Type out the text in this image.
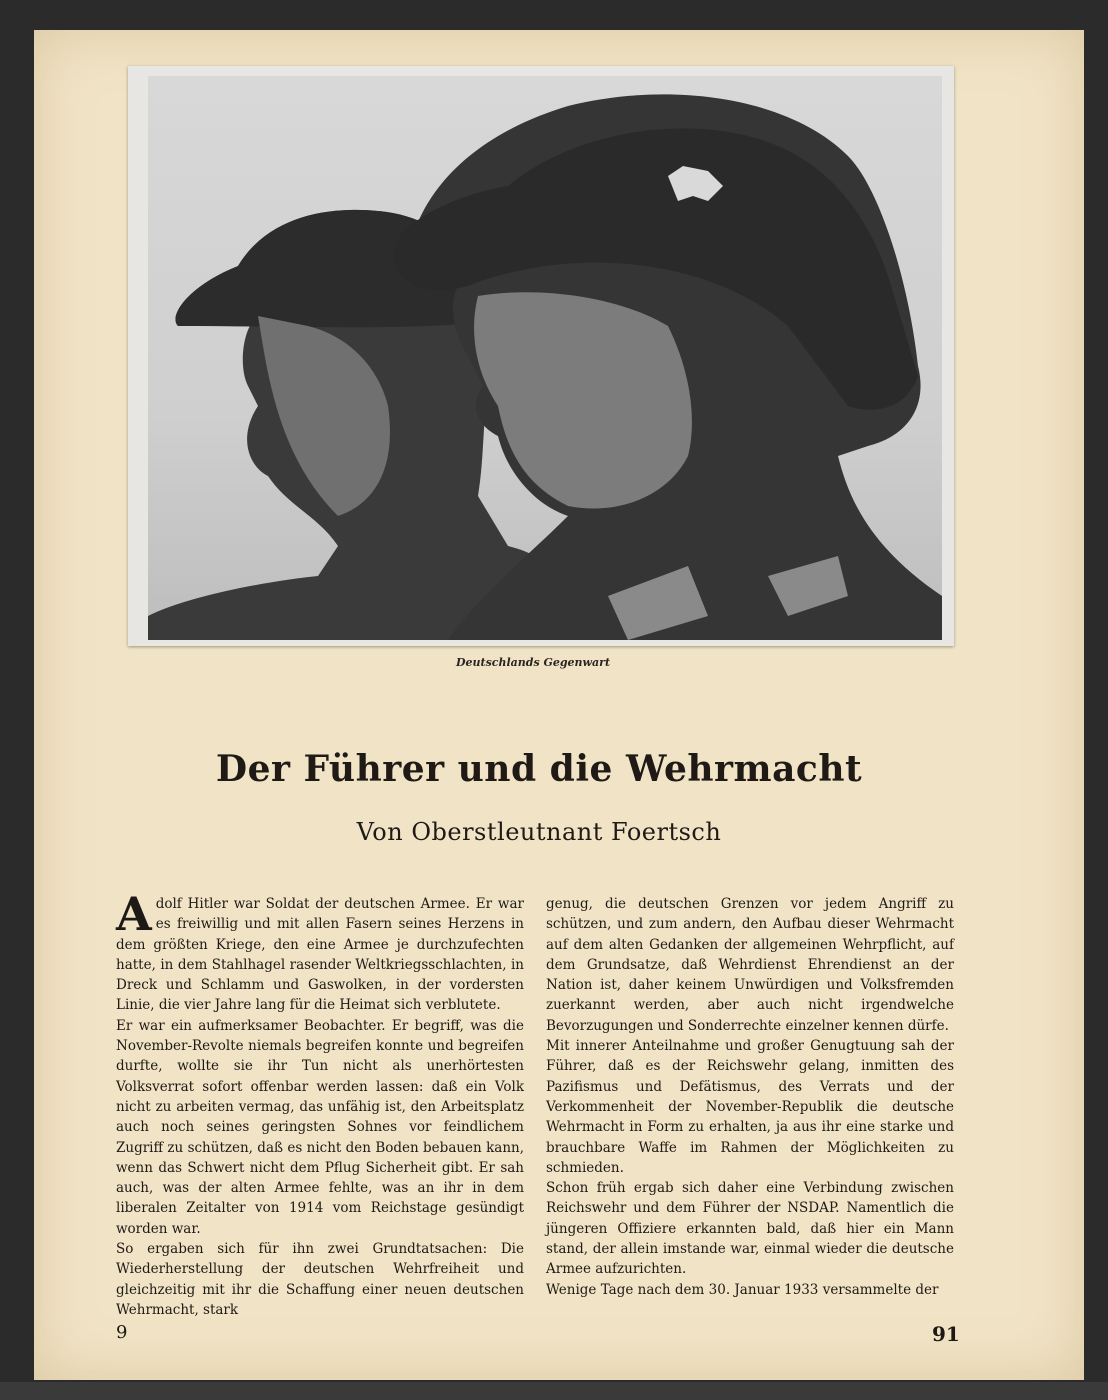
Deutschlands Gegenwart
Der Führer und die Wehrmacht
Von Oberstleutnant Foertsch

Adolf Hitler war Soldat der deutschen Armee. Er war es freiwillig und mit allen Fasern seines Herzens in dem größten Kriege, den eine Armee je durchzufechten hatte, in dem Stahlhagel rasender Weltkriegsschlachten, in Dreck und Schlamm und Gaswolken, in der vordersten Linie, die vier Jahre lang für die Heimat sich verblutete.

Er war ein aufmerksamer Beobachter. Er begriff, was die November-Revolte niemals begreifen konnte und begreifen durfte, wollte sie ihr Tun nicht als unerhörtesten Volksverrat sofort offenbar werden lassen: daß ein Volk nicht zu arbeiten vermag, das unfähig ist, den Arbeitsplatz auch noch seines geringsten Sohnes vor feindlichem Zugriff zu schützen, daß es nicht den Boden bebauen kann, wenn das Schwert nicht dem Pflug Sicherheit gibt. Er sah auch, was der alten Armee fehlte, was an ihr in dem liberalen Zeitalter von 1914 vom Reichstage gesündigt worden war.

So ergaben sich für ihn zwei Grundtatsachen: Die Wiederherstellung der deutschen Wehrfreiheit und gleichzeitig mit ihr die Schaffung einer neuen deutschen Wehrmacht, stark

genug, die deutschen Grenzen vor jedem Angriff zu schützen, und zum andern, den Aufbau dieser Wehrmacht auf dem alten Gedanken der allgemeinen Wehrpflicht, auf dem Grundsatze, daß Wehrdienst Ehrendienst an der Nation ist, daher keinem Unwürdigen und Volksfremden zuerkannt werden, aber auch nicht irgendwelche Bevorzugungen und Sonderrechte einzelner kennen dürfe.

Mit innerer Anteilnahme und großer Genugtuung sah der Führer, daß es der Reichswehr gelang, inmitten des Pazifismus und Defätismus, des Verrats und der Verkommenheit der November-Republik die deutsche Wehrmacht in Form zu erhalten, ja aus ihr eine starke und brauchbare Waffe im Rahmen der Möglichkeiten zu schmieden.

Schon früh ergab sich daher eine Verbindung zwischen Reichswehr und dem Führer der NSDAP. Namentlich die jüngeren Offiziere erkannten bald, daß hier ein Mann stand, der allein imstande war, einmal wieder die deutsche Armee aufzurichten.

Wenige Tage nach dem 30. Januar 1933 versammelte der

9	91
